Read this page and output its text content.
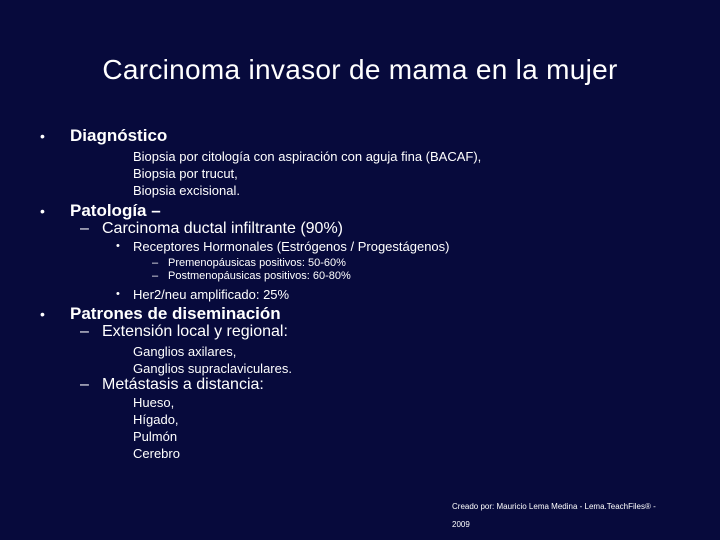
Carcinoma invasor de mama en la mujer
• Diagnóstico
Biopsia por citología con aspiración con aguja fina (BACAF),
Biopsia por trucut,
Biopsia excisional.
• Patología –
– Carcinoma ductal infiltrante (90%)
• Receptores Hormonales (Estrógenos / Progestágenos)
– Premenopáusicas positivos: 50-60%
– Postmenopáusicas positivos: 60-80%
• Her2/neu amplificado: 25%
• Patrones de diseminación
– Extensión local y regional:
Ganglios axilares,
Ganglios supraclaviculares.
– Metástasis a distancia:
Hueso,
Hígado,
Pulmón
Cerebro
Creado por: Mauricio Lema Medina - Lema.TeachFiles® -
2009
